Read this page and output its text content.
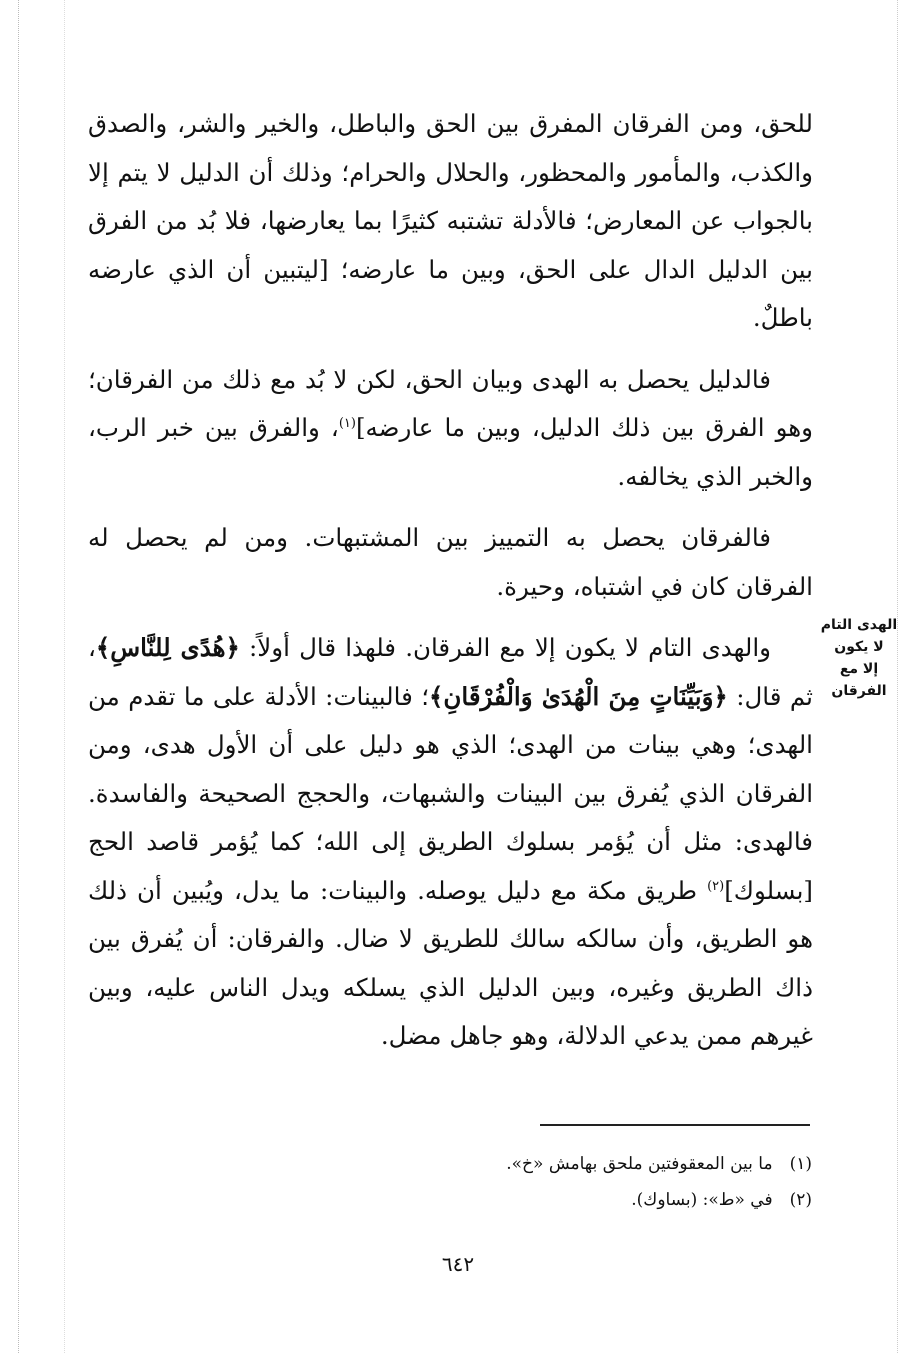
للحق، ومن الفرقان المفرق بين الحق والباطل، والخير والشر، والصدق والكذب، والمأمور والمحظور، والحلال والحرام؛ وذلك أن الدليل لا يتم إلا بالجواب عن المعارض؛ فالأدلة تشتبه كثيرًا بما يعارضها، فلا بُد من الفرق بين الدليل الدال على الحق، وبين ما عارضه؛ [ليتبين أن الذي عارضه باطلٌ.

فالدليل يحصل به الهدى وبيان الحق، لكن لا بُد مع ذلك من الفرقان؛ وهو الفرق بين ذلك الدليل، وبين ما عارضه]$^{(١)}$، والفرق بين خبر الرب، والخبر الذي يخالفه.

فالفرقان يحصل به التمييز بين المشتبهات. ومن لم يحصل له الفرقان كان في اشتباه، وحيرة.

والهدى التام لا يكون إلا مع الفرقان. فلهذا قال أولاً: ﴿هُدًى لِلنَّاسِ﴾، ثم قال: ﴿وَبَيِّنَاتٍ مِنَ الْهُدَىٰ وَالْفُرْقَانِ﴾؛ فالبينات: الأدلة على ما تقدم من الهدى؛ وهي بينات من الهدى؛ الذي هو دليل على أن الأول هدى، ومن الفرقان الذي يُفرق بين البينات والشبهات، والحجج الصحيحة والفاسدة. فالهدى: مثل أن يُؤمر بسلوك الطريق إلى الله؛ كما يُؤمر قاصد الحج [بسلوك]$^{(٢)}$ طريق مكة مع دليل يوصله. والبينات: ما يدل، ويُبين أن ذلك هو الطريق، وأن سالكه سالك للطريق لا ضال. والفرقان: أن يُفرق بين ذاك الطريق وغيره، وبين الدليل الذي يسلكه ويدل الناس عليه، وبين غيرهم ممن يدعي الدلالة، وهو جاهل مضل.

الهدى التام لا يكون
إلا مع الفرقان
(١) ما بين المعقوفتين ملحق بهامش «خ».
(٢) في «ط»: (بساوك).
٦٤٢
